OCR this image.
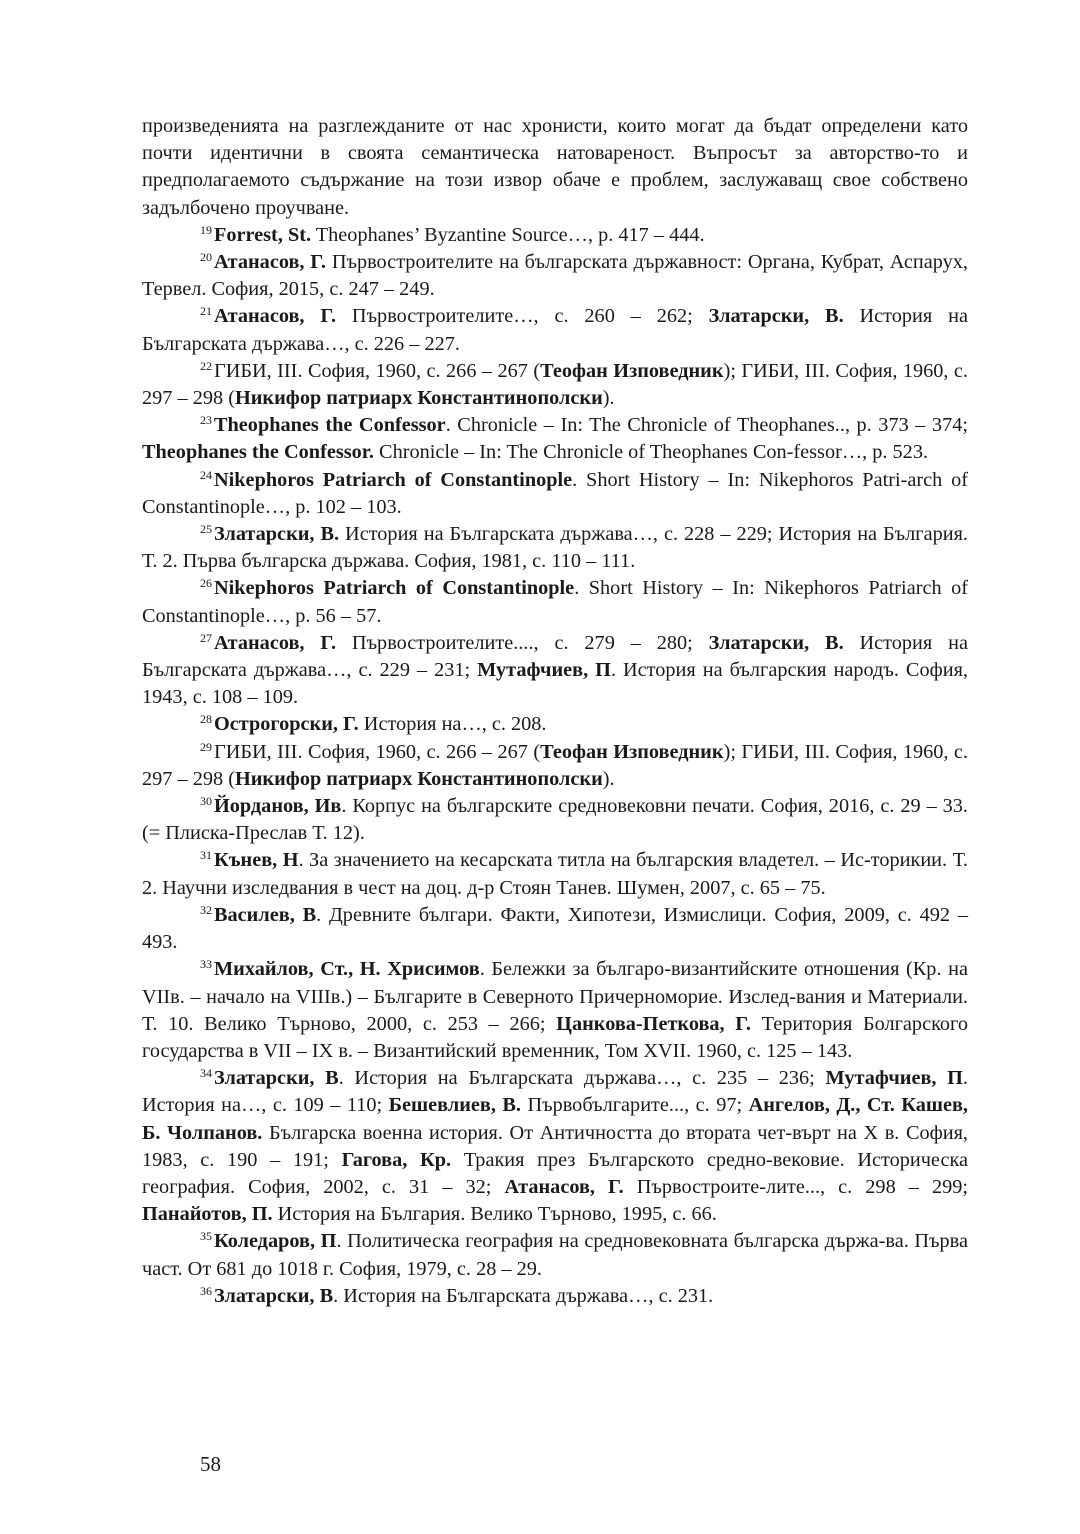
произведенията на разглежданите от нас хронисти, които могат да бъдат определени като почти идентични в своята семантическа натовареност. Въпросът за авторство-то и предполагаемото съдържание на този извор обаче е проблем, заслужаващ свое собствено задълбочено проучване.

$^{19}$Forrest, St. Theophanes’ Byzantine Source…, p. 417 – 444.

$^{20}$Атанасов, Г. Първостроителите на българската държавност: Органа, Кубрат, Аспарух, Тервел. София, 2015, с. 247 – 249.

$^{21}$Атанасов, Г. Първостроителите…, с. 260 – 262; Златарски, В. История на Българската държава…, с. 226 – 227.

$^{22}$ГИБИ, III. София, 1960, с. 266 – 267 (Теофан Изповедник); ГИБИ, III. София, 1960, с. 297 – 298 (Никифор патриарх Константинополски).

$^{23}$Theophanes the Confessor. Chronicle – In: The Chronicle of Theophanes.., p. 373 – 374; Theophanes the Confessor. Chronicle – In: The Chronicle of Theophanes Con-fessor…, p. 523.

$^{24}$Nikephoros Patriarch of Constantinople. Short History – In: Nikephoros Patri-arch of Constantinople…, p. 102 – 103.

$^{25}$Златарски, В. История на Българската държава…, с. 228 – 229; История на България. Т. 2. Първа българска държава. София, 1981, с. 110 – 111.

$^{26}$Nikephoros Patriarch of Constantinople. Short History – In: Nikephoros Patriarch of Constantinople…, p. 56 – 57.

$^{27}$Атанасов, Г. Първостроителите...., с. 279 – 280; Златарски, В. История на Българската държава…, с. 229 – 231; Мутафчиев, П. История на българския народъ. София, 1943, с. 108 – 109.

$^{28}$Острогорски, Г. История на…, с. 208.

$^{29}$ГИБИ, III. София, 1960, с. 266 – 267 (Теофан Изповедник); ГИБИ, III. София, 1960, с. 297 – 298 (Никифор патриарх Константинополски).

$^{30}$Йорданов, Ив. Корпус на българските средновековни печати. София, 2016, с. 29 – 33. (= Плиска-Преслав Т. 12).

$^{31}$Кънев, Н. За значението на кесарската титла на българския владетел. – Ис-торикии. Т. 2. Научни изследвания в чест на доц. д-р Стоян Танев. Шумен, 2007, с. 65 – 75.

$^{32}$Василев, В. Древните българи. Факти, Хипотези, Измислици. София, 2009, с. 492 – 493.

$^{33}$Михайлов, Ст., Н. Хрисимов. Бележки за българо-византийските отношения (Кр. на VIIв. – начало на VIIIв.) – Българите в Северното Причерноморие. Изслед-вания и Материали. Т. 10. Велико Търново, 2000, с. 253 – 266; Цанкова-Петкова, Г. Територия Болгарского государства в VII – IX в. – Византийский временник, Том XVII. 1960, с. 125 – 143.

$^{34}$Златарски, В. История на Българската държава…, с. 235 – 236; Мутафчиев, П. История на…, с. 109 – 110; Бешевлиев, В. Първобългарите..., с. 97; Ангелов, Д., Ст. Кашев, Б. Чолпанов. Българска военна история. От Античността до втората чет-върт на Х в. София, 1983, с. 190 – 191; Гагова, Кр. Тракия през Българското средно-вековие. Историческа география. София, 2002, с. 31 – 32; Атанасов, Г. Първостроите-лите..., с. 298 – 299; Панайотов, П. История на България. Велико Търново, 1995, с. 66.

$^{35}$Коледаров, П. Политическа география на средновековната българска държа-ва. Първа част. От 681 до 1018 г. София, 1979, с. 28 – 29.

$^{36}$Златарски, В. История на Българската държава…, с. 231.

58
